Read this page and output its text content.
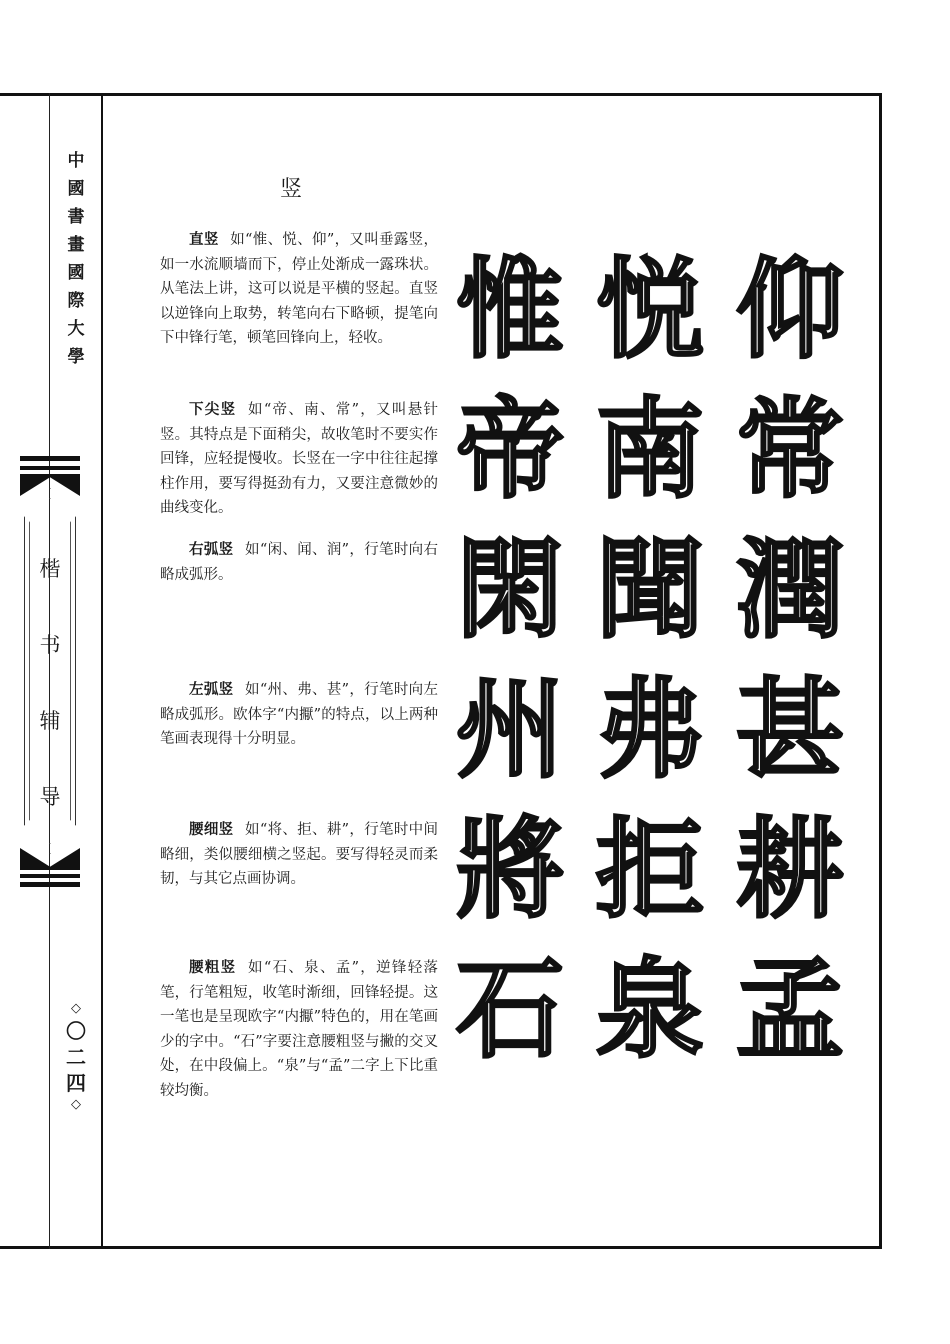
中
國
書
畫
國
際
大
學
楷
书
辅
导
◇
〇
二
四
◇
竖
直竖 如“惟、悦、仰”，又叫垂露竖，如一水流顺墙而下，停止处渐成一露珠状。从笔法上讲，这可以说是平横的竖起。直竖以逆锋向上取势，转笔向右下略顿，提笔向下中锋行笔，顿笔回锋向上，轻收。
下尖竖 如“帝、南、常”，又叫悬针竖。其特点是下面稍尖，故收笔时不要实作回锋，应轻提慢收。长竖在一字中往往起撑柱作用，要写得挺劲有力，又要注意微妙的曲线变化。
右弧竖 如“闲、闻、润”，行笔时向右略成弧形。
左弧竖 如“州、弗、甚”，行笔时向左略成弧形。欧体字“内擫”的特点，以上两种笔画表现得十分明显。
腰细竖 如“将、拒、耕”，行笔时中间略细，类似腰细横之竖起。要写得轻灵而柔韧，与其它点画协调。
腰粗竖 如“石、泉、孟”，逆锋轻落笔，行笔粗短，收笔时渐细，回锋轻提。这一笔也是呈现欧字“内擫”特色的，用在笔画少的字中。“石”字要注意腰粗竖与撇的交叉处，在中段偏上。“泉”与“孟”二字上下比重较均衡。
惟 悦 仰
帝 南 常
閑 聞 潤
州 弗 甚
將 拒 耕
石 泉 孟
